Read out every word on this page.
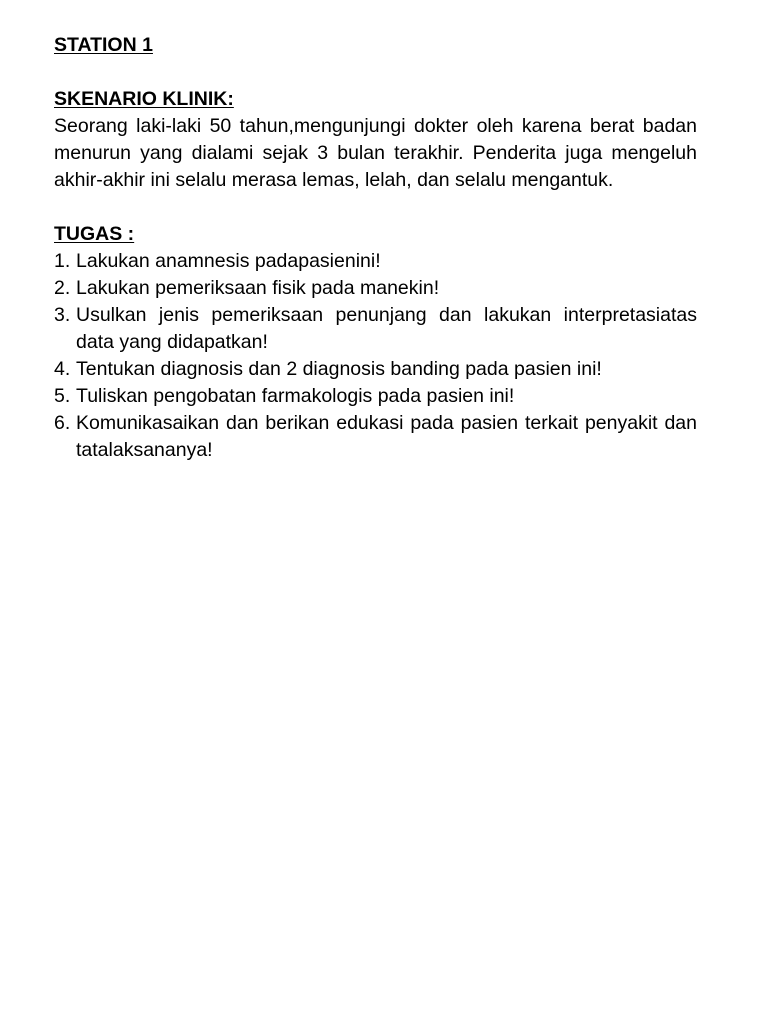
STATION 1

SKENARIO KLINIK:

Seorang laki-laki 50 tahun,mengunjungi dokter oleh karena berat badan menurun yang dialami sejak 3 bulan terakhir. Penderita juga mengeluh akhir-akhir ini selalu merasa lemas, lelah, dan selalu mengantuk.

TUGAS :

1. Lakukan anamnesis padapasienini!
2. Lakukan pemeriksaan fisik pada manekin!
3. Usulkan jenis pemeriksaan penunjang dan lakukan interpretasiatas data yang didapatkan!
4. Tentukan diagnosis dan 2 diagnosis banding pada pasien ini!
5. Tuliskan pengobatan farmakologis pada pasien ini!
6. Komunikasaikan dan berikan edukasi pada pasien terkait penyakit dan tatalaksananya!
